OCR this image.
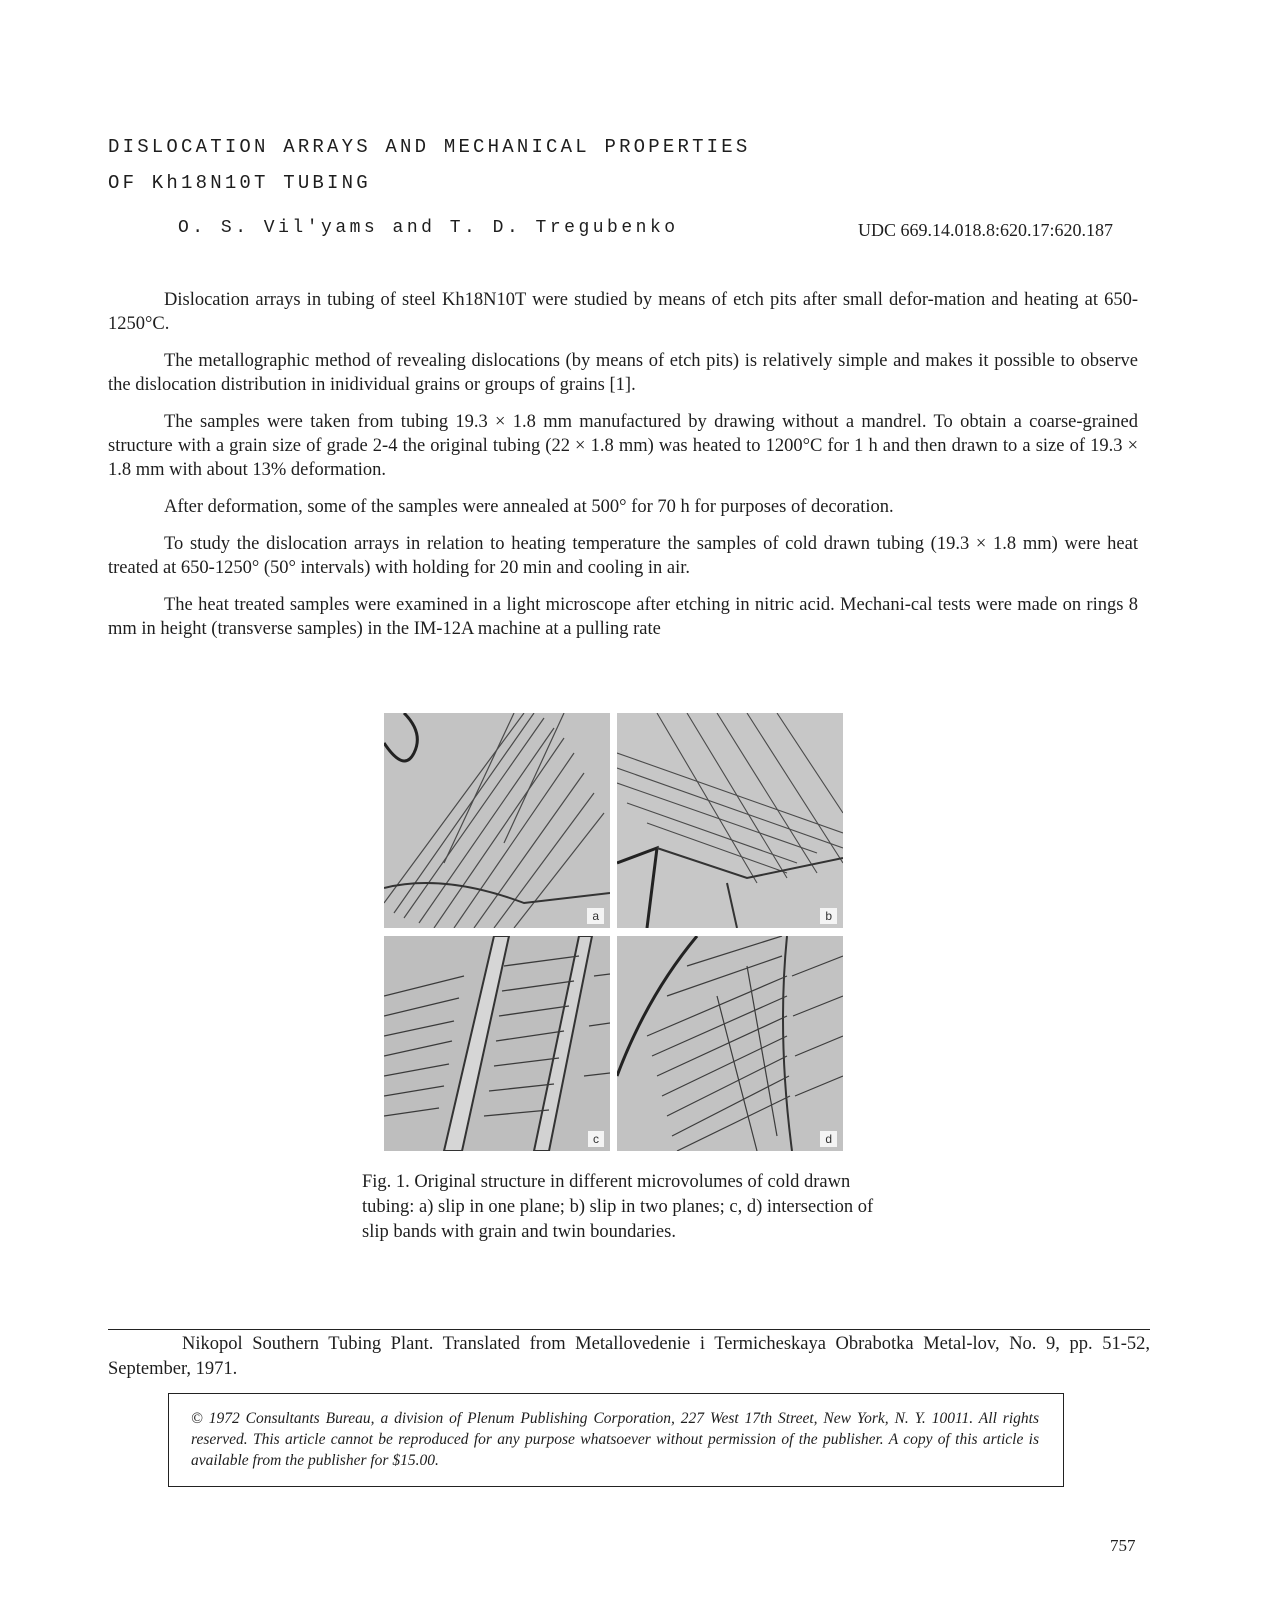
DISLOCATION ARRAYS AND MECHANICAL PROPERTIES
OF Kh18N10T TUBING
O. S. Vil'yams and T. D. Tregubenko	UDC 669.14.018.8:620.17:620.187

Dislocation arrays in tubing of steel Kh18N10T were studied by means of etch pits after small defor-mation and heating at 650-1250°C.

The metallographic method of revealing dislocations (by means of etch pits) is relatively simple and makes it possible to observe the dislocation distribution in inidividual grains or groups of grains [1].

The samples were taken from tubing 19.3 × 1.8 mm manufactured by drawing without a mandrel. To obtain a coarse-grained structure with a grain size of grade 2-4 the original tubing (22 × 1.8 mm) was heated to 1200°C for 1 h and then drawn to a size of 19.3 × 1.8 mm with about 13% deformation.

After deformation, some of the samples were annealed at 500° for 70 h for purposes of decoration.

To study the dislocation arrays in relation to heating temperature the samples of cold drawn tubing (19.3 × 1.8 mm) were heat treated at 650-1250° (50° intervals) with holding for 20 min and cooling in air.

The heat treated samples were examined in a light microscope after etching in nitric acid. Mechani-cal tests were made on rings 8 mm in height (transverse samples) in the IM-12A machine at a pulling rate

a	b
c	d
Fig. 1. Original structure in different microvolumes of cold drawn tubing: a) slip in one plane; b) slip in two planes; c, d) intersection of slip bands with grain and twin boundaries.
Nikopol Southern Tubing Plant. Translated from Metallovedenie i Termicheskaya Obrabotka Metal-lov, No. 9, pp. 51-52, September, 1971.
© 1972 Consultants Bureau, a division of Plenum Publishing Corporation, 227 West 17th Street, New York, N. Y. 10011. All rights reserved. This article cannot be reproduced for any purpose whatsoever without permission of the publisher. A copy of this article is available from the publisher for $15.00.
757
